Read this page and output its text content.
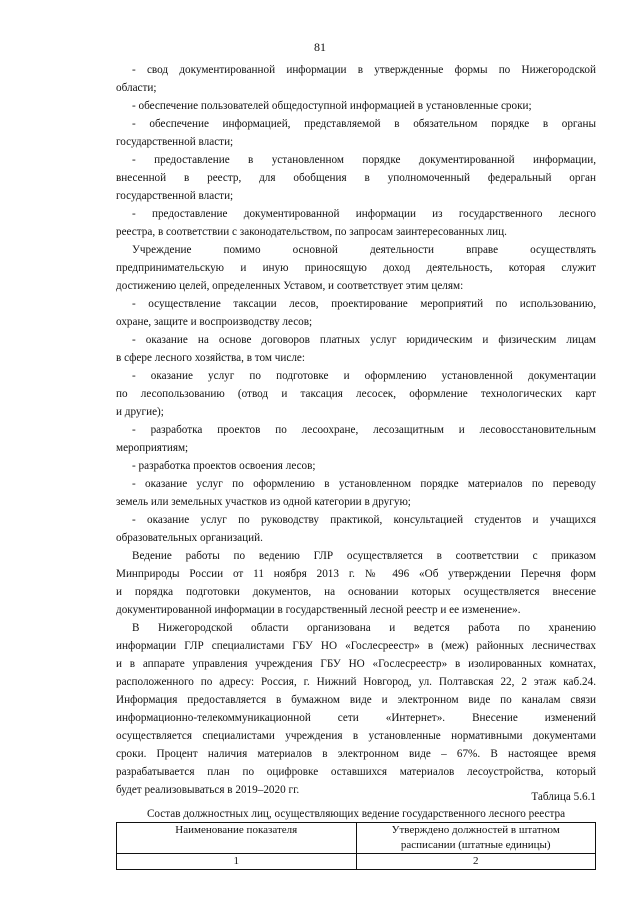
81
- свод документированной информации в утвержденные формы по Нижегородской
области;
- обеспечение пользователей общедоступной информацией в установленные сроки;
- обеспечение информацией, представляемой в обязательном порядке в органы
государственной власти;
- предоставление в установленном порядке документированной информации,
внесенной в реестр, для обобщения в уполномоченный федеральный орган
государственной власти;
- предоставление документированной информации из государственного лесного
реестра, в соответствии с законодательством, по запросам заинтересованных лиц.
Учреждение помимо основной деятельности вправе осуществлять
предпринимательскую и иную приносящую доход деятельность, которая служит
достижению целей, определенных Уставом, и соответствует этим целям:
- осуществление таксации лесов, проектирование мероприятий по использованию,
охране, защите и воспроизводству лесов;
- оказание на основе договоров платных услуг юридическим и физическим лицам
в сфере лесного хозяйства, в том числе:
- оказание услуг по подготовке и оформлению установленной документации
по лесопользованию (отвод и таксация лесосек, оформление технологических карт
и другие);
- разработка проектов по лесоохране, лесозащитным и лесовосстановительным
мероприятиям;
- разработка проектов освоения лесов;
- оказание услуг по оформлению в установленном порядке материалов по переводу
земель или земельных участков из одной категории в другую;
- оказание услуг по руководству практикой, консультацией студентов и учащихся
образовательных организаций.
Ведение работы по ведению ГЛР осуществляется в соответствии с приказом
Минприроды России от 11 ноября 2013 г. № 496 «Об утверждении Перечня форм
и порядка подготовки документов, на основании которых осуществляется внесение
документированной информации в государственный лесной реестр и ее изменение».
В Нижегородской области организована и ведется работа по хранению
информации ГЛР специалистами ГБУ НО «Гослесреестр» в (меж) районных лесничествах
и в аппарате управления учреждения ГБУ НО «Гослесреестр» в изолированных комнатах,
расположенного по адресу: Россия, г. Нижний Новгород, ул. Полтавская 22, 2 этаж каб.24.
Информация предоставляется в бумажном виде и электронном виде по каналам связи
информационно-телекоммуникационной сети «Интернет». Внесение изменений
осуществляется специалистами учреждения в установленные нормативными документами
сроки. Процент наличия материалов в электронном виде – 67%. В настоящее время
разрабатывается план по оцифровке оставшихся материалов лесоустройства, который
будет реализовываться в 2019–2020 гг.
Таблица 5.6.1
Состав должностных лиц, осуществляющих ведение государственного лесного реестра
Наименование показателя	Утверждено должностей в штатном
расписании (штатные единицы)
1	2
